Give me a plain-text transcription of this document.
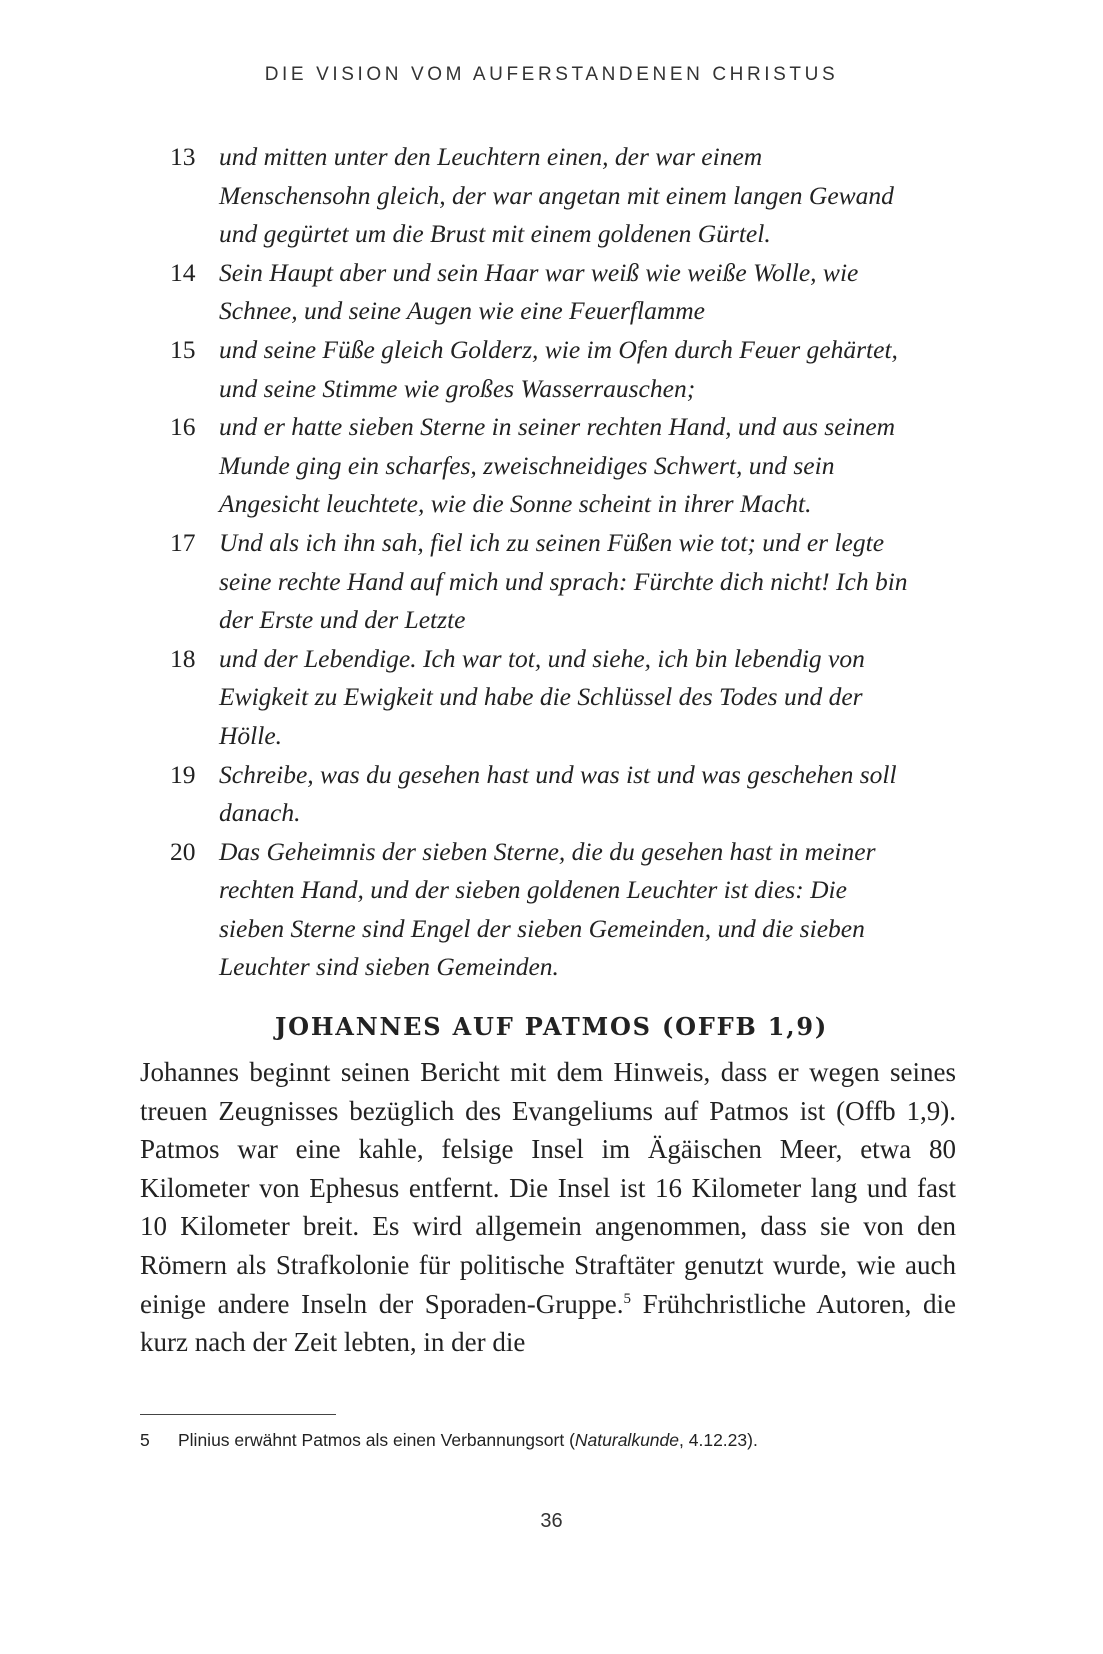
DIE VISION VOM AUFERSTANDENEN CHRISTUS
13 und mitten unter den Leuchtern einen, der war einem Menschensohn gleich, der war angetan mit einem langen Gewand und gegürtet um die Brust mit einem goldenen Gürtel.
14 Sein Haupt aber und sein Haar war weiß wie weiße Wolle, wie Schnee, und seine Augen wie eine Feuerflamme
15 und seine Füße gleich Golderz, wie im Ofen durch Feuer gehärtet, und seine Stimme wie großes Wasserrauschen;
16 und er hatte sieben Sterne in seiner rechten Hand, und aus seinem Munde ging ein scharfes, zweischneidiges Schwert, und sein Angesicht leuchtete, wie die Sonne scheint in ihrer Macht.
17 Und als ich ihn sah, fiel ich zu seinen Füßen wie tot; und er legte seine rechte Hand auf mich und sprach: Fürchte dich nicht! Ich bin der Erste und der Letzte
18 und der Lebendige. Ich war tot, und siehe, ich bin lebendig von Ewigkeit zu Ewigkeit und habe die Schlüssel des Todes und der Hölle.
19 Schreibe, was du gesehen hast und was ist und was geschehen soll danach.
20 Das Geheimnis der sieben Sterne, die du gesehen hast in meiner rechten Hand, und der sieben goldenen Leuchter ist dies: Die sieben Sterne sind Engel der sieben Gemeinden, und die sieben Leuchter sind sieben Gemeinden.
JOHANNES AUF PATMOS (OFFB 1,9)

Johannes beginnt seinen Bericht mit dem Hinweis, dass er wegen seines treuen Zeugnisses bezüglich des Evangeliums auf Patmos ist (Offb 1,9). Patmos war eine kahle, felsige Insel im Ägäischen Meer, etwa 80 Kilometer von Ephesus entfernt. Die Insel ist 16 Kilometer lang und fast 10 Kilometer breit. Es wird allgemein angenommen, dass sie von den Römern als Strafkolonie für politische Straftäter genutzt wurde, wie auch einige andere Inseln der Sporaden-Gruppe.$^5$ Frühchristliche Autoren, die kurz nach der Zeit lebten, in der die

5	Plinius erwähnt Patmos als einen Verbannungsort (Naturalkunde, 4.12.23).
36
